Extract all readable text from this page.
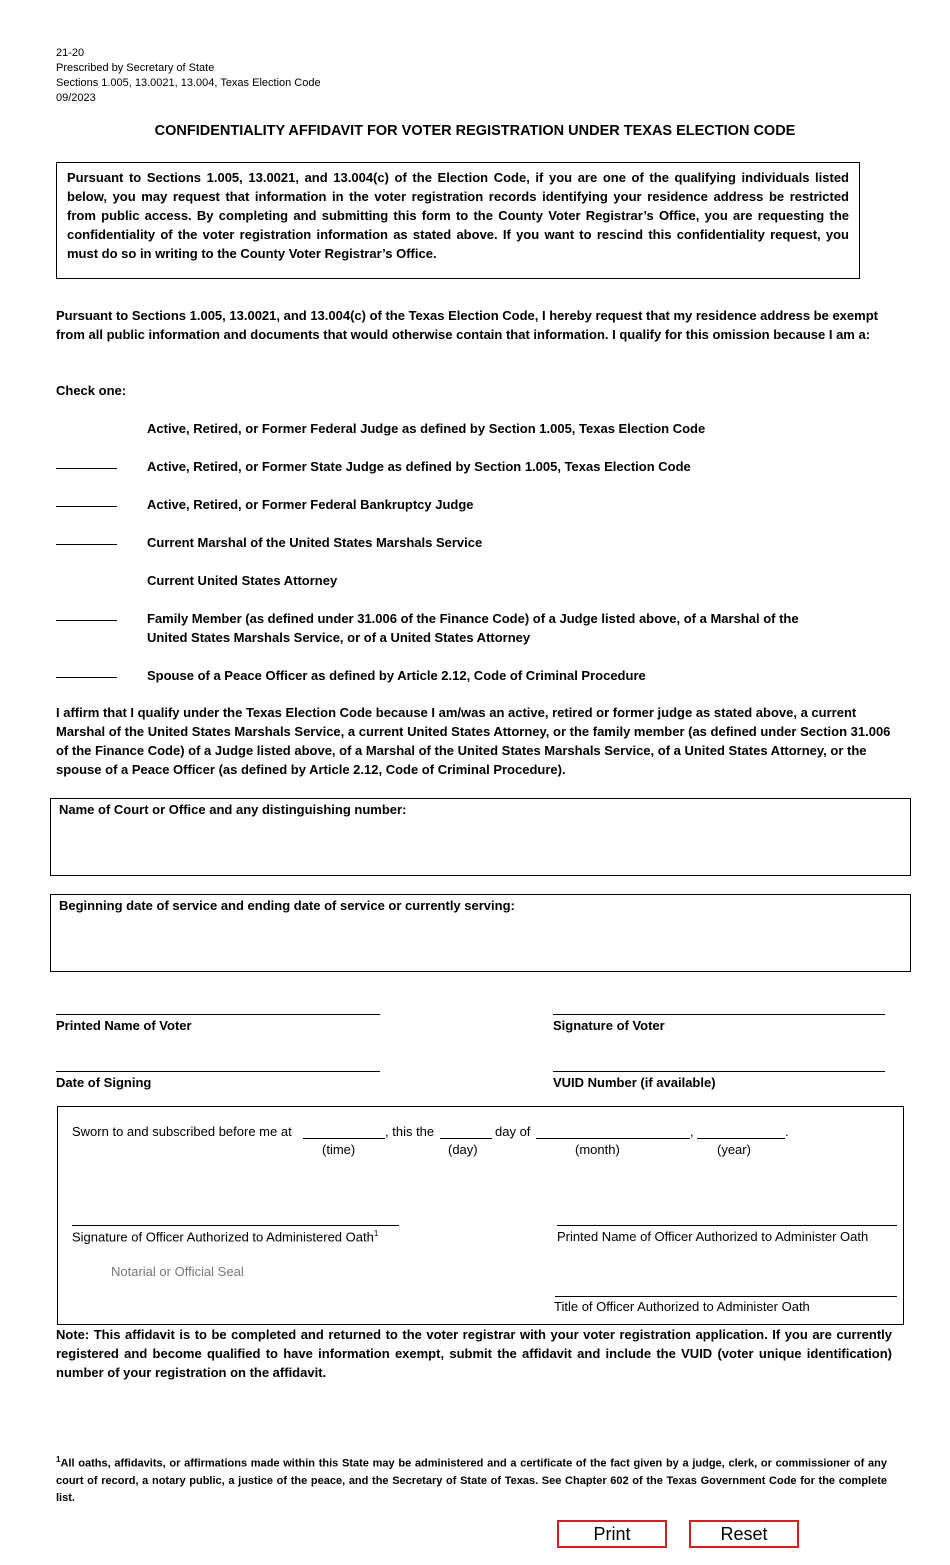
21-20
Prescribed by Secretary of State
Sections 1.005, 13.0021, 13.004, Texas Election Code
09/2023
CONFIDENTIALITY AFFIDAVIT FOR VOTER REGISTRATION UNDER TEXAS ELECTION CODE
Pursuant to Sections 1.005, 13.0021, and 13.004(c) of the Election Code, if you are one of the qualifying individuals listed below, you may request that information in the voter registration records identifying your residence address be restricted from public access. By completing and submitting this form to the County Voter Registrar’s Office, you are requesting the confidentiality of the voter registration information as stated above. If you want to rescind this confidentiality request, you must do so in writing to the County Voter Registrar’s Office.
Pursuant to Sections 1.005, 13.0021, and 13.004(c) of the Texas Election Code, I hereby request that my residence address be exempt from all public information and documents that would otherwise contain that information. I qualify for this omission because I am a:
Check one:
Active, Retired, or Former Federal Judge as defined by Section 1.005, Texas Election Code
Active, Retired, or Former State Judge as defined by Section 1.005, Texas Election Code
Active, Retired, or Former Federal Bankruptcy Judge
Current Marshal of the United States Marshals Service
Current United States Attorney
Family Member (as defined under 31.006 of the Finance Code) of a Judge listed above, of a Marshal of the United States Marshals Service, or of a United States Attorney
Spouse of a Peace Officer as defined by Article 2.12, Code of Criminal Procedure
I affirm that I qualify under the Texas Election Code because I am/was an active, retired or former judge as stated above, a current Marshal of the United States Marshals Service, a current United States Attorney, or the family member (as defined under Section 31.006 of the Finance Code) of a Judge listed above, of a Marshal of the United States Marshals Service, of a United States Attorney, or the spouse of a Peace Officer (as defined by Article 2.12, Code of Criminal Procedure).
Name of Court or Office and any distinguishing number:
Beginning date of service and ending date of service or currently serving:
Printed Name of Voter	Signature of Voter
Date of Signing	VUID Number (if available)
Sworn to and subscribed before me at	, this the	day of	,	.
(time)	(day)	(month)	(year)
Signature of Officer Authorized to Administered Oath$^1$	Printed Name of Officer Authorized to Administer Oath
Notarial or Official Seal
Title of Officer Authorized to Administer Oath
Note: This affidavit is to be completed and returned to the voter registrar with your voter registration application. If you are currently registered and become qualified to have information exempt, submit the affidavit and include the VUID (voter unique identification) number of your registration on the affidavit.
$^1$All oaths, affidavits, or affirmations made within this State may be administered and a certificate of the fact given by a judge, clerk, or commissioner of any court of record, a notary public, a justice of the peace, and the Secretary of State of Texas. See Chapter 602 of the Texas Government Code for the complete list.
Print	Reset
